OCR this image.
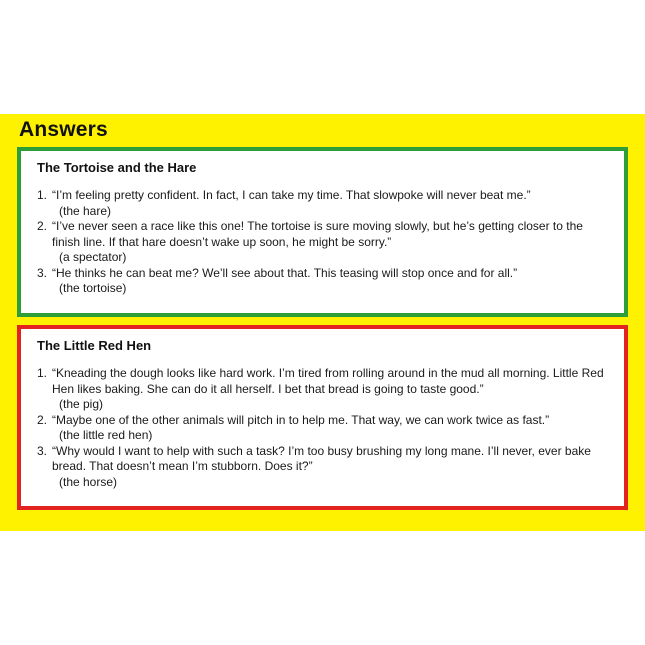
Answers
The Tortoise and the Hare
1. “I’m feeling pretty confident. In fact, I can take my time. That slowpoke will never beat me.”
(the hare)
2. “I’ve never seen a race like this one! The tortoise is sure moving slowly, but he’s getting closer to the finish line. If that hare doesn’t wake up soon, he might be sorry.”
(a spectator)
3. “He thinks he can beat me? We’ll see about that. This teasing will stop once and for all.”
(the tortoise)
The Little Red Hen
1. “Kneading the dough looks like hard work. I’m tired from rolling around in the mud all morning. Little Red Hen likes baking. She can do it all herself. I bet that bread is going to taste good.”
(the pig)
2. “Maybe one of the other animals will pitch in to help me. That way, we can work twice as fast.”
(the little red hen)
3. “Why would I want to help with such a task? I’m too busy brushing my long mane. I’ll never, ever bake bread. That doesn’t mean I’m stubborn. Does it?”
(the horse)
